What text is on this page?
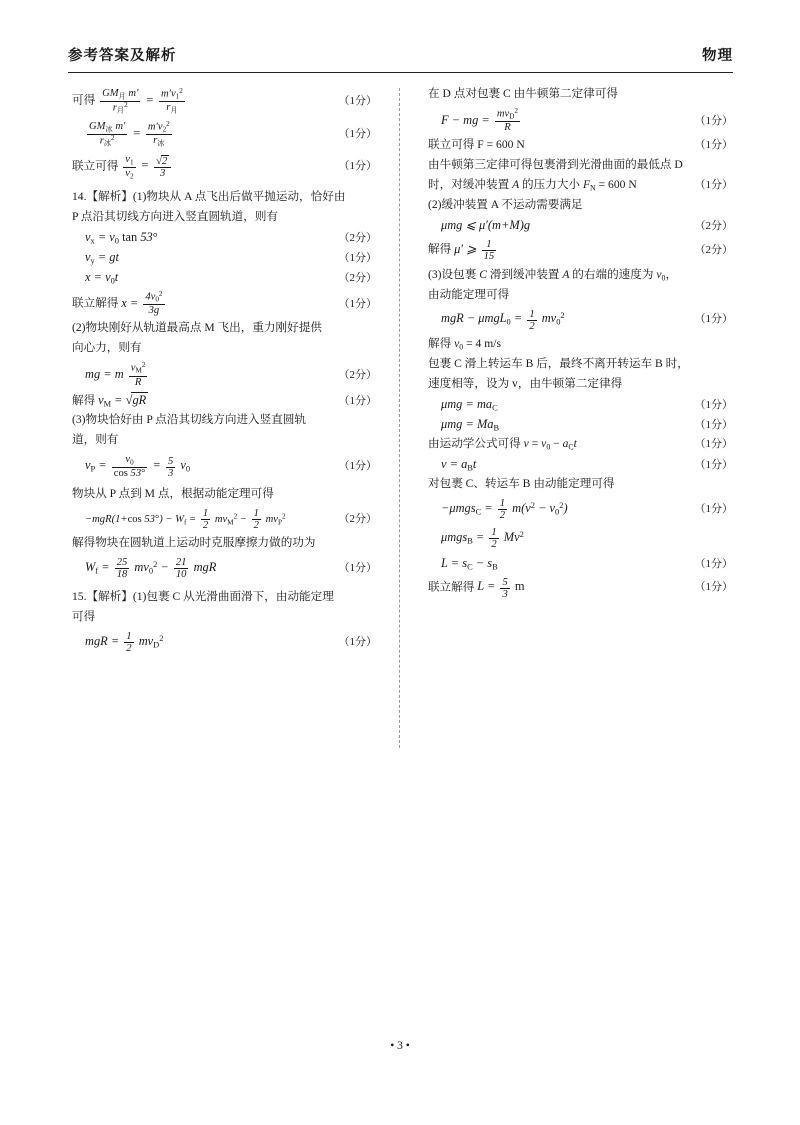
参考答案及解析	物理
可得 $\frac{GM_月 m'}{r_月^2} = \frac{m'v_1^2}{r_月}$	（1分）
$\frac{GM_冰 m'}{r_冰^2} = \frac{m'v_2^2}{r_冰}$	（1分）
联立可得 $\frac{v_1}{v_2} = \frac{√2}{3}$	（1分）
14.【解析】(1)物块从 A 点飞出后做平抛运动，恰好由
P 点沿其切线方向进入竖直圆轨道，则有
$v_x = v_0$ tan 53°	（2分）
$v_y$ = gt	（1分）
$x = v_0t$	（2分）
联立解得 $x = \frac{4v_0^2}{3g}$	（1分）
(2)物块刚好从轨道最高点 M 飞出，重力刚好提供
向心力，则有
mg = m $\frac{v_M^2}{R}$	（2分）
解得 $v_M = √gR$	（1分）
(3)物块恰好由 P 点沿其切线方向进入竖直圆轨
道，则有
$v_P = \frac{v_0}{\cos 53^\circ} = \frac{5}{3} v_0$	（1分）
物块从 P 点到 M 点，根据动能定理可得
−mgR(1+cos $53^\circ) - W_f = \frac{1}{2} mv_M^2 - \frac{1}{2} mv_P^2$	（2分）
解得物块在圆轨道上运动时克服摩擦力做的功为
$W_f = \frac{25}{18} mv_0^2 - \frac{21}{10}$ mgR	（1分）
15.【解析】(1)包裹 C 从光滑曲面滑下，由动能定理
可得
mgR = $\frac{1}{2} mv_D^2$	（1分）
在 D 点对包裹 C 由牛顿第二定律可得
F − mg = $\frac{mv_D^2}{R}$	（1分）
联立可得 F = 600 N	（1分）
由牛顿第三定律可得包裹滑到光滑曲面的最低点 D
时，对缓冲装置 A 的压力大小 $F_N = 600$ N	（1分）
(2)缓冲装置 A 不运动需要满足
μmg ⩽ μ′(m+M)g	（2分）
解得 μ′ ⩾ $\frac{1}{15}$	（2分）
(3)设包裹 C 滑到缓冲装置 A 的右端的速度为 $v_0$，
由动能定理可得
mgR − $\mu mgL_0 = \frac{1}{2} mv_0^2$	（1分）
解得 $v_0 = 4$ m/s
包裹 C 滑上转运车 B 后，最终不离开转运车 B 时，
速度相等，设为 v，由牛顿第二定律得
$\mu mg = ma_C$	（1分）
$\mu mg = Ma_B$	（1分）
由运动学公式可得 $v = v_0 - a_Ct$	（1分）
$v = a_Bt$	（1分）
对包裹 C、转运车 B 由动能定理可得
$-\mu mgs_C = \frac{1}{2} m(v^2 - v_0^2)$	（1分）
$\mu mgs_B = \frac{1}{2} Mv^2$
$L = s_C - s_B$	（1分）
联立解得 $L = \frac{5}{3}$ m	（1分）
• 3 •
